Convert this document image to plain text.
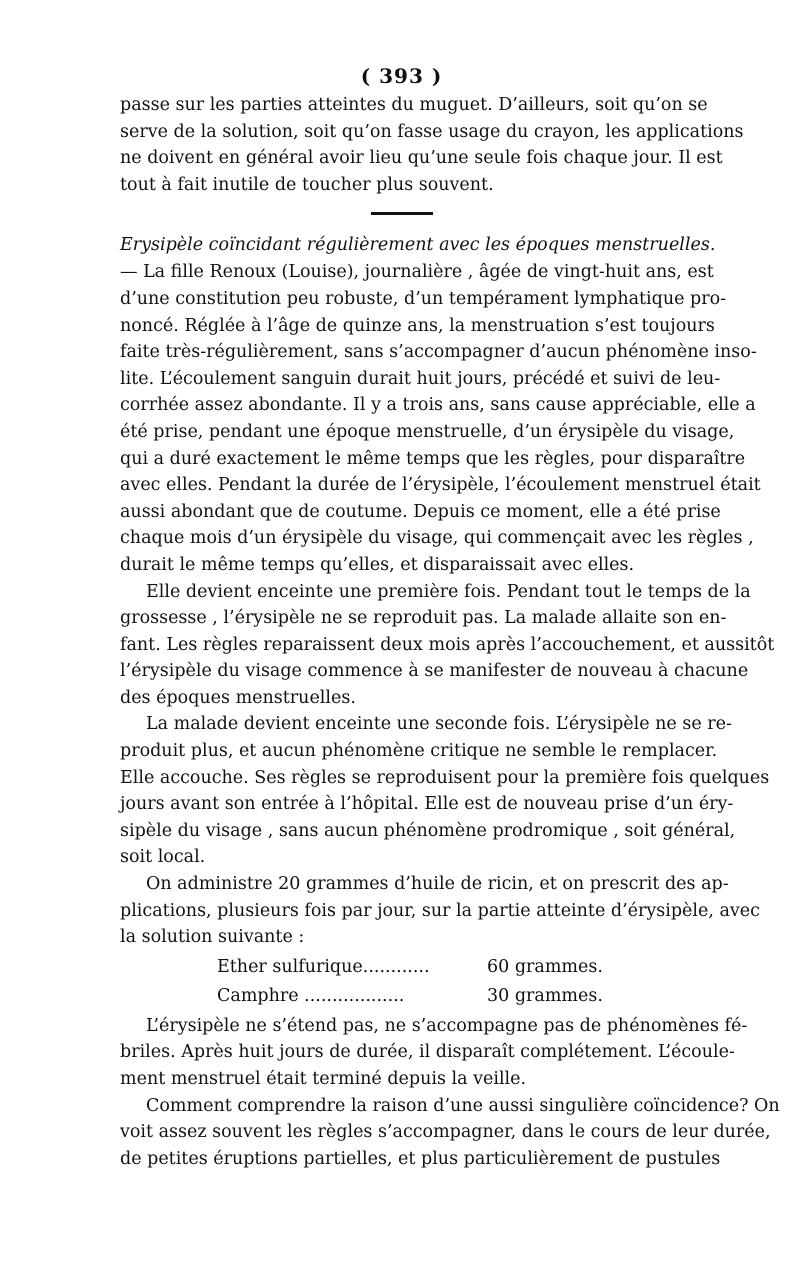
( 393 )
passe sur les parties atteintes du muguet. D’ailleurs, soit qu’on se
serve de la solution, soit qu’on fasse usage du crayon, les applications
ne doivent en général avoir lieu qu’une seule fois chaque jour. Il est
tout à fait inutile de toucher plus souvent.
Erysipèle coïncidant régulièrement avec les époques menstruelles.
— La fille Renoux (Louise), journalière , âgée de vingt-huit ans, est
d’une constitution peu robuste, d’un tempérament lymphatique pro-
noncé. Réglée à l’âge de quinze ans, la menstruation s’est toujours
faite très-régulièrement, sans s’accompagner d’aucun phénomène inso-
lite. L’écoulement sanguin durait huit jours, précédé et suivi de leu-
corrhée assez abondante. Il y a trois ans, sans cause appréciable, elle a
été prise, pendant une époque menstruelle, d’un érysipèle du visage,
qui a duré exactement le même temps que les règles, pour disparaître
avec elles. Pendant la durée de l’érysipèle, l’écoulement menstruel était
aussi abondant que de coutume. Depuis ce moment, elle a été prise
chaque mois d’un érysipèle du visage, qui commençait avec les règles ,
durait le même temps qu’elles, et disparaissait avec elles.
Elle devient enceinte une première fois. Pendant tout le temps de la
grossesse , l’érysipèle ne se reproduit pas. La malade allaite son en-
fant. Les règles reparaissent deux mois après l’accouchement, et aussitôt
l’érysipèle du visage commence à se manifester de nouveau à chacune
des époques menstruelles.
La malade devient enceinte une seconde fois. L’érysipèle ne se re-
produit plus, et aucun phénomène critique ne semble le remplacer.
Elle accouche. Ses règles se reproduisent pour la première fois quelques
jours avant son entrée à l’hôpital. Elle est de nouveau prise d’un éry-
sipèle du visage , sans aucun phénomène prodromique , soit général,
soit local.
On administre 20 grammes d’huile de ricin, et on prescrit des ap-
plications, plusieurs fois par jour, sur la partie atteinte d’érysipèle, avec
la solution suivante :
Ether sulfurique............	60 grammes.
Camphre ..................	30 grammes.
L’érysipèle ne s’étend pas, ne s’accompagne pas de phénomènes fé-
briles. Après huit jours de durée, il disparaît complétement. L’écoule-
ment menstruel était terminé depuis la veille.
Comment comprendre la raison d’une aussi singulière coïncidence? On
voit assez souvent les règles s’accompagner, dans le cours de leur durée,
de petites éruptions partielles, et plus particulièrement de pustules
